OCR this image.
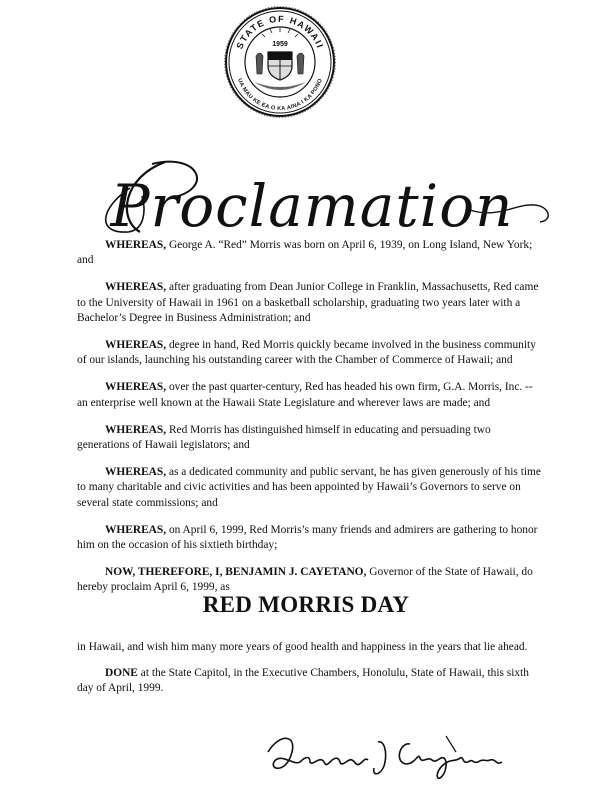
STATE OF HAWAII
UA MAU KE EA O KA AINA I KA PONO
1959
Proclamation

WHEREAS, George A. “Red” Morris was born on April 6, 1939, on Long Island, New York; and

WHEREAS, after graduating from Dean Junior College in Franklin, Massachusetts, Red came to the University of Hawaii in 1961 on a basketball scholarship, graduating two years later with a Bachelor’s Degree in Business Administration; and

WHEREAS, degree in hand, Red Morris quickly became involved in the business community of our islands, launching his outstanding career with the Chamber of Commerce of Hawaii; and

WHEREAS, over the past quarter-century, Red has headed his own firm, G.A. Morris, Inc. -- an enterprise well known at the Hawaii State Legislature and wherever laws are made; and

WHEREAS, Red Morris has distinguished himself in educating and persuading two generations of Hawaii legislators; and

WHEREAS, as a dedicated community and public servant, he has given generously of his time to many charitable and civic activities and has been appointed by Hawaii’s Governors to serve on several state commissions; and

WHEREAS, on April 6, 1999, Red Morris’s many friends and admirers are gathering to honor him on the occasion of his sixtieth birthday;

NOW, THEREFORE, I, BENJAMIN J. CAYETANO, Governor of the State of Hawaii, do hereby proclaim April 6, 1999, as

RED MORRIS DAY

in Hawaii, and wish him many more years of good health and happiness in the years that lie ahead.

DONE at the State Capitol, in the Executive Chambers, Honolulu, State of Hawaii, this sixth day of April, 1999.
